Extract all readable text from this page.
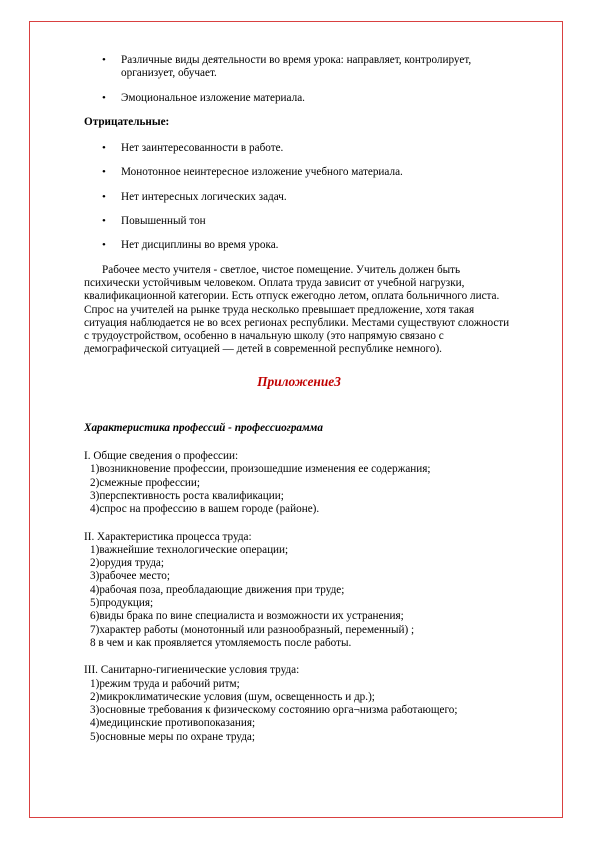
• Различные виды деятельности во время урока: направляет, контролирует, организует, обучает.
• Эмоциональное изложение материала.

Отрицательные:

• Нет заинтересованности в работе.
• Монотонное неинтересное изложение учебного материала.
• Нет интересных логических задач.
• Повышенный тон
• Нет дисциплины во время урока.

Рабочее место учителя - светлое, чистое помещение. Учитель должен быть психически устойчивым человеком. Оплата труда зависит от учебной нагрузки, квалификационной категории. Есть отпуск ежегодно летом, оплата больничного листа. Спрос на учителей на рынке труда несколько превышает предложение, хотя такая ситуация наблюдается не во всех регионах республики. Местами существуют сложности с трудоустройством, особенно в начальную школу (это напрямую связано с демографической ситуацией — детей в современной республике немного).

Приложение3

Характеристика профессий - профессиограмма

I. Общие сведения о профессии:

1)возникновение профессии, произошедшие изменения ее содержания;

2)смежные профессии;

3)перспективность роста квалификации;

4)спрос на профессию в вашем городе (районе).

II. Характеристика процесса труда:

1)важнейшие технологические операции;

2)орудия труда;

3)рабочее место;

4)рабочая поза, преобладающие движения при труде;

5)продукция;

6)виды брака по вине специалиста и возможности их устранения;

7)характер работы (монотонный или разнообразный, переменный) ;

8 в чем и как проявляется утомляемость после работы.

III. Санитарно-гигиенические условия труда:

1)режим труда и рабочий ритм;

2)микроклиматические условия (шум, освещенность и др.);

3)основные требования к физическому состоянию орга¬низма работающего;

4)медицинские противопоказания;

5)основные меры по охране труда;
